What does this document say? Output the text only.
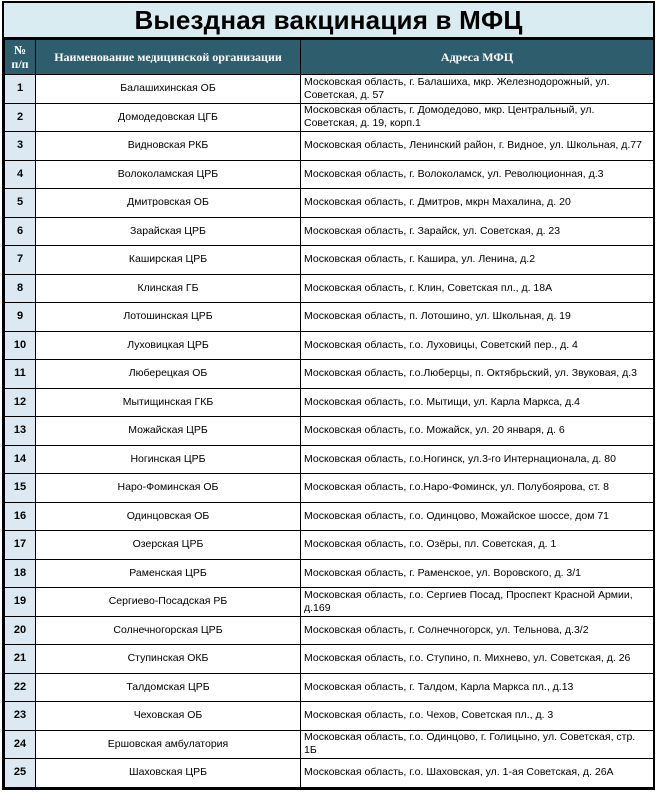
Выездная вакцинация в МФЦ
№
п/п	Наименование медицинской организации	Адреса МФЦ
1	Балашихинская ОБ	Московская область, г. Балашиха, мкр. Железнодорожный, ул. Советская, д. 57
2	Домодедовская ЦГБ	Московская область, г. Домодедово, мкр. Центральный, ул. Советская, д. 19, корп.1
3	Видновская РКБ	Московская область, Ленинский район, г. Видное, ул. Школьная, д.77
4	Волоколамская ЦРБ	Московская область, г. Волоколамск, ул. Революционная, д.3
5	Дмитровская ОБ	Московская область, г. Дмитров, мкрн Махалина, д. 20
6	Зарайская ЦРБ	Московская область, г. Зарайск, ул. Советская, д. 23
7	Каширская ЦРБ	Московская область, г. Кашира, ул. Ленина, д.2
8	Клинская ГБ	Московская область, г. Клин, Советская пл., д. 18А
9	Лотошинская ЦРБ	Московская область, п. Лотошино, ул. Школьная, д. 19
10	Луховицкая ЦРБ	Московская область, г.о. Луховицы, Советский пер., д. 4
11	Люберецкая ОБ	Московская область, г.о.Люберцы, п. Октябрьский, ул. Звуковая, д.3
12	Мытищинская ГКБ	Московская область, г.о. Мытищи, ул. Карла Маркса, д.4
13	Можайская ЦРБ	Московская область, г.о. Можайск, ул. 20 января, д. 6
14	Ногинская ЦРБ	Московская область, г.о.Ногинск, ул.3-го Интернационала, д. 80
15	Наро-Фоминская ОБ	Московская область, г.о.Наро-Фоминск, ул. Полубоярова, ст. 8
16	Одинцовская ОБ	Московская область, г.о. Одинцово, Можайское шоссе, дом 71
17	Озерская ЦРБ	Московская область, г.о. Озёры, пл. Советская, д. 1
18	Раменская ЦРБ	Московская область, г. Раменское, ул. Воровского, д. 3/1
19	Сергиево-Посадская РБ	Московская область, г.о. Сергиев Посад, Проспект Красной Армии, д.169
20	Солнечногорская ЦРБ	Московская область, г. Солнечногорск, ул. Тельнова, д.3/2
21	Ступинская ОКБ	Московская область, г.о. Ступино, п. Михнево, ул. Советская, д. 26
22	Талдомская ЦРБ	Московская область, г. Талдом, Карла Маркса пл., д.13
23	Чеховская ОБ	Московская область, г.о. Чехов, Советская пл., д. 3
24	Ершовская амбулатория	Московская область, г.о. Одинцово, г. Голицыно, ул. Советская, стр. 1Б
25	Шаховская ЦРБ	Московская область, г.о. Шаховская, ул. 1-ая Советская, д. 26А
